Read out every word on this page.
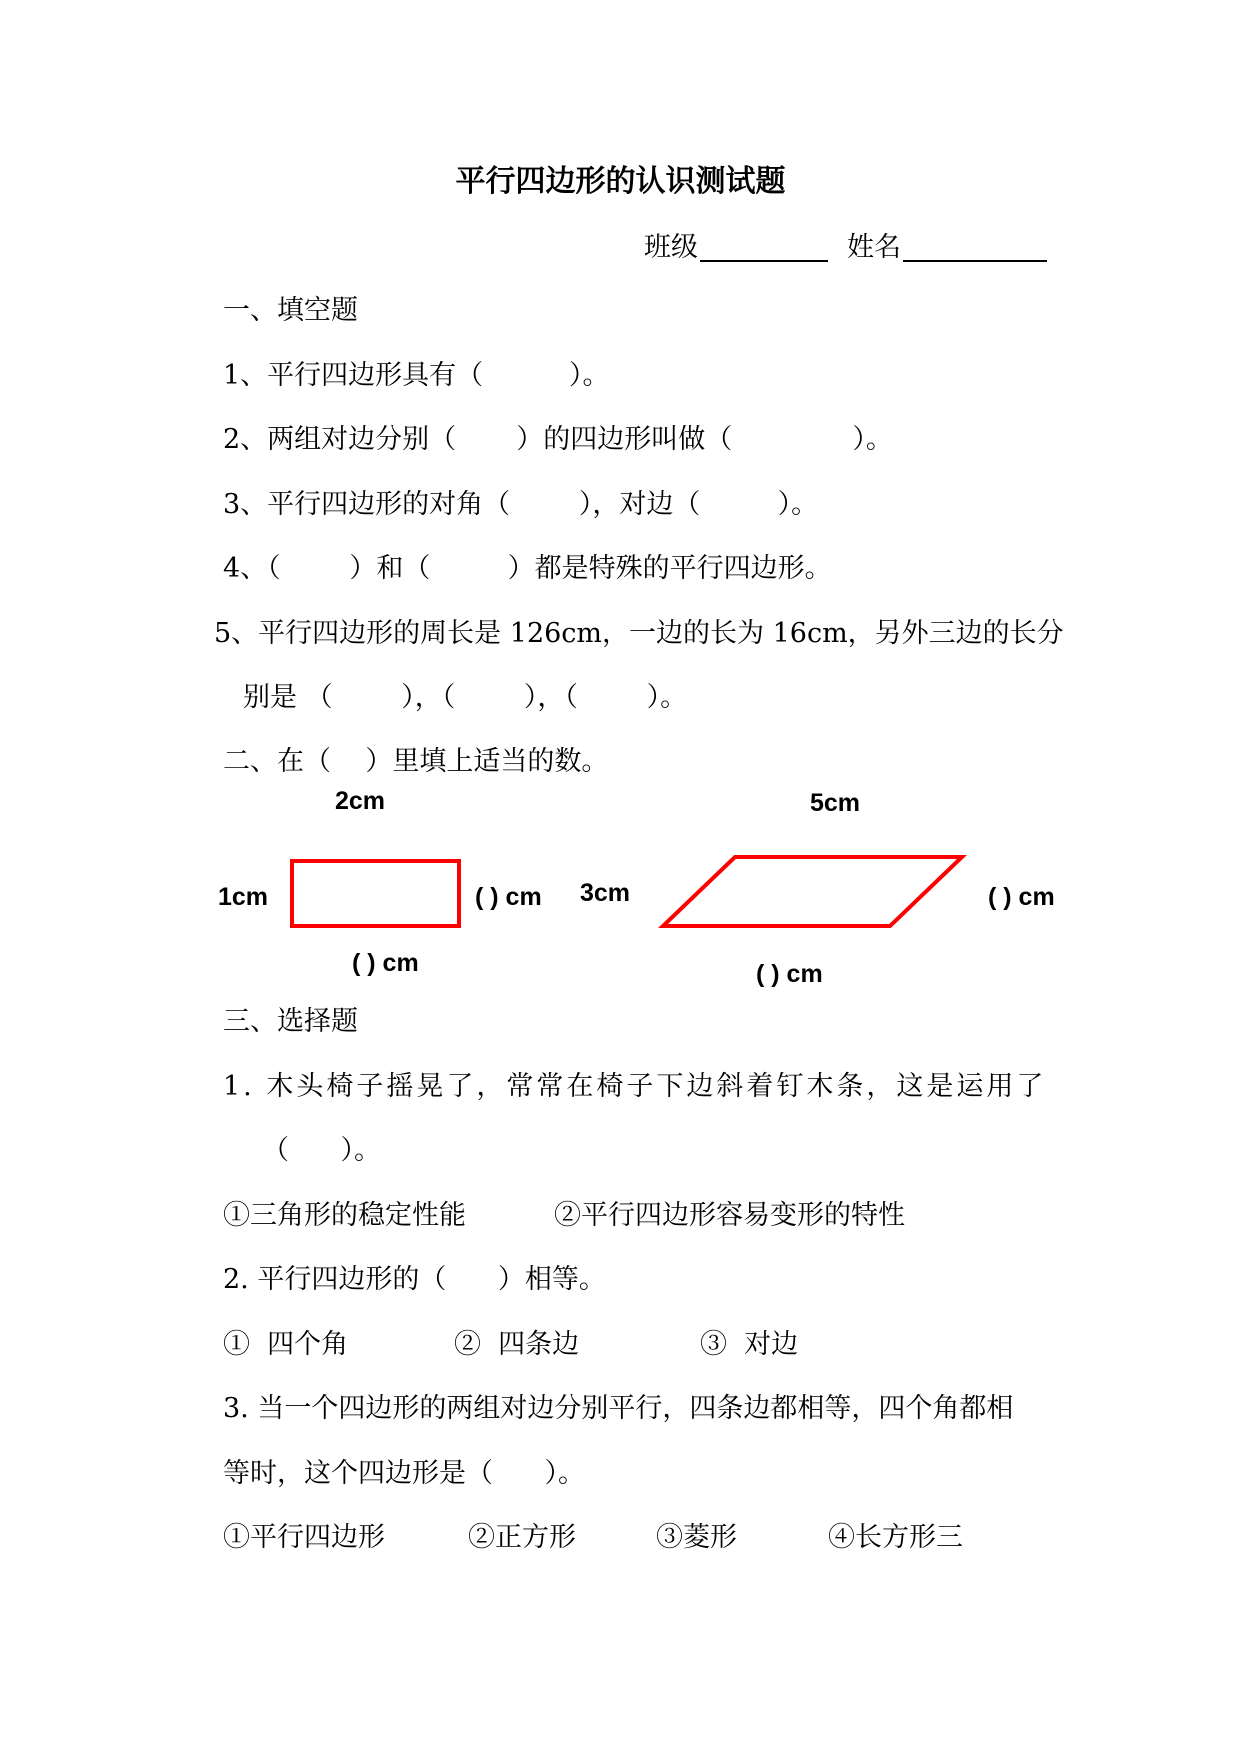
平行四边形的认识测试题
班级	姓名
一、填空题
1、平行四边形具有（          ）。
2、两组对边分别（       ）的四边形叫做（              ）。
3、平行四边形的对角（        ），对边（         ）。
4、（        ）和（         ）都是特殊的平行四边形。
5、平行四边形的周长是 126cm，一边的长为 16cm，另外三边的长分
别是 （        ），（        ），（        ）。
二、在（    ）里填上适当的数。
2cm
1cm	( ) cm
( ) cm
5cm
3cm	( ) cm
( ) cm
三、选择题
1. 木头椅子摇晃了，常常在椅子下边斜着钉木条，这是运用了
（      ）。
①三角形的稳定性能	②平行四边形容易变形的特性
2. 平行四边形的（      ）相等。
①  四个角	②  四条边	③  对边
3. 当一个四边形的两组对边分别平行，四条边都相等，四个角都相
等时，这个四边形是（      ）。
①平行四边形	②正方形	③菱形	④长方形三
